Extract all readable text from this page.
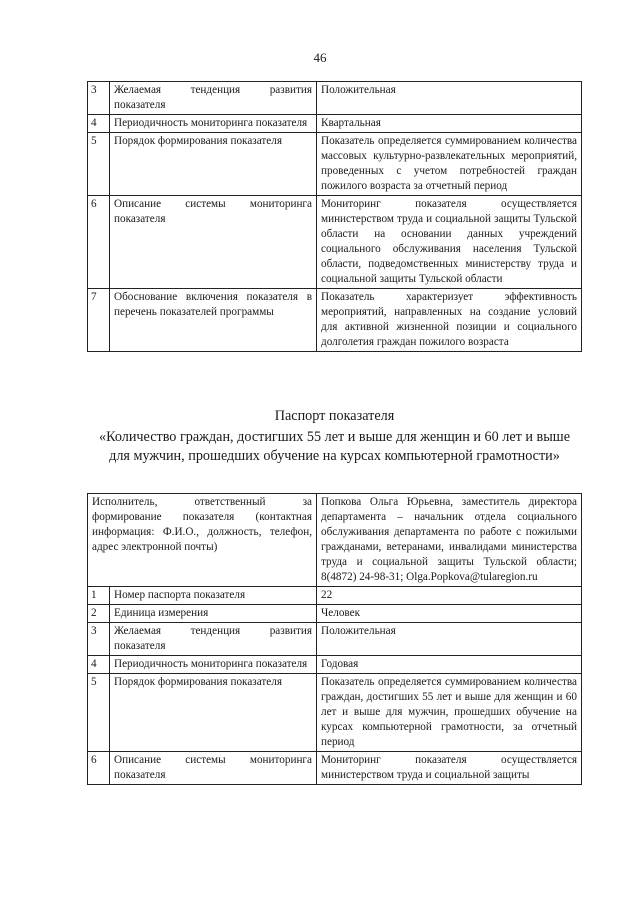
46
3	Желаемая тенденция развития показателя	Положительная
4	Периодичность мониторинга показателя	Квартальная
5	Порядок формирования показателя	Показатель определяется суммированием количества массовых культурно-развлекательных мероприятий, проведенных с учетом потребностей граждан пожилого возраста за отчетный период
6	Описание системы мониторинга показателя	Мониторинг показателя осуществляется министерством труда и социальной защиты Тульской области на основании данных учреждений социального обслуживания населения Тульской области, подведомственных министерству труда и социальной защиты Тульской области
7	Обоснование включения показателя в перечень показателей программы	Показатель характеризует эффективность мероприятий, направленных на создание условий для активной жизненной позиции и социального долголетия граждан пожилого возраста
Паспорт показателя
«Количество граждан, достигших 55 лет и выше для женщин и 60 лет и выше для мужчин, прошедших обучение на курсах компьютерной грамотности»
Исполнитель, ответственный за формирование показателя (контактная информация: Ф.И.О., должность, телефон, адрес электронной почты)		Попкова Ольга Юрьевна, заместитель директора департамента – начальник отдела социального обслуживания департамента по работе с пожилыми гражданами, ветеранами, инвалидами министерства труда и социальной защиты Тульской области; 8(4872) 24-98-31; Olga.Popkova@tularegion.ru
1	Номер паспорта показателя	22
2	Единица измерения	Человек
3	Желаемая тенденция развития показателя	Положительная
4	Периодичность мониторинга показателя	Годовая
5	Порядок формирования показателя	Показатель определяется суммированием количества граждан, достигших 55 лет и выше для женщин и 60 лет и выше для мужчин, прошедших обучение на курсах компьютерной грамотности, за отчетный период
6	Описание системы мониторинга показателя	Мониторинг показателя осуществляется министерством труда и социальной защиты
